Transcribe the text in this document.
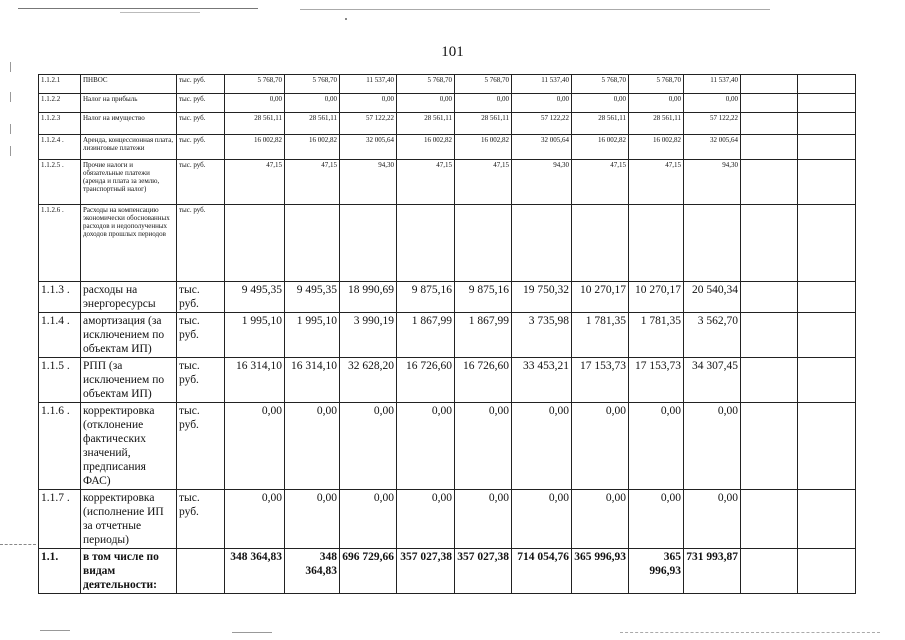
101
1.1.2.1	ПНВОС	тыс. руб.	5 768,70	5 768,70	11 537,40	5 768,70	5 768,70	11 537,40	5 768,70	5 768,70	11 537,40		
1.1.2.2	Налог на прибыль	тыс. руб.	0,00	0,00	0,00	0,00	0,00	0,00	0,00	0,00	0,00		
1.1.2.3	Налог на имущество	тыс. руб.	28 561,11	28 561,11	57 122,22	28 561,11	28 561,11	57 122,22	28 561,11	28 561,11	57 122,22		
1.1.2.4 .	Аренда, концессионная плата, лизинговые платежи	тыс. руб.	16 002,82	16 002,82	32 005,64	16 002,82	16 002,82	32 005,64	16 002,82	16 002,82	32 005,64		
1.1.2.5 .	Прочие налоги и обязательные платежи (аренда и плата за землю, транспортный налог)	тыс. руб.	47,15	47,15	94,30	47,15	47,15	94,30	47,15	47,15	94,30		
1.1.2.6 .	Расходы на компенсацию экономически обоснованных расходов и недополученных доходов прошлых периодов	тыс. руб.											
1.1.3 .	расходы на энергоресурсы	тыс. руб.	9 495,35	9 495,35	18 990,69	9 875,16	9 875,16	19 750,32	10 270,17	10 270,17	20 540,34		
1.1.4 .	амортизация (за исключением по объектам ИП)	тыс. руб.	1 995,10	1 995,10	3 990,19	1 867,99	1 867,99	3 735,98	1 781,35	1 781,35	3 562,70		
1.1.5 .	РПП (за исключением по объектам ИП)	тыс. руб.	16 314,10	16 314,10	32 628,20	16 726,60	16 726,60	33 453,21	17 153,73	17 153,73	34 307,45		
1.1.6 .	корректировка (отклонение фактических значений, предписания ФАС)	тыс. руб.	0,00	0,00	0,00	0,00	0,00	0,00	0,00	0,00	0,00		
1.1.7 .	корректировка (исполнение ИП за отчетные периоды)	тыс. руб.	0,00	0,00	0,00	0,00	0,00	0,00	0,00	0,00	0,00		
1.1.	в том числе по видам деятельности:		348 364,83	348 364,83	696 729,66	357 027,38	357 027,38	714 054,76	365 996,93	365 996,93	731 993,87		
